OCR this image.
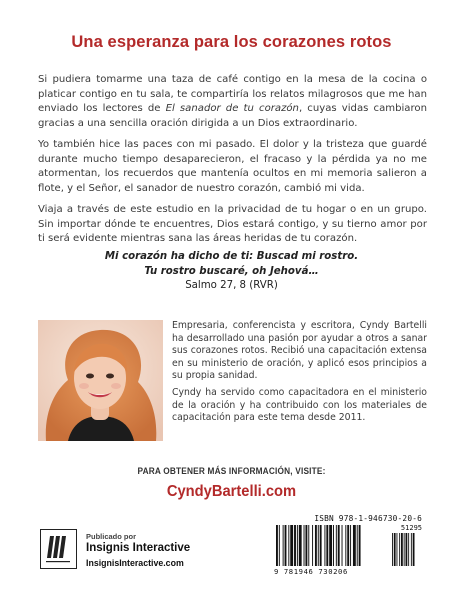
Una esperanza para los corazones rotos
Si pudiera tomarme una taza de café contigo en la mesa de la cocina o platicar contigo en tu sala, te compartiría los relatos milagrosos que me han enviado los lectores de El sanador de tu corazón, cuyas vidas cambiaron gracias a una sencilla oración dirigida a un Dios extraordinario.
Yo también hice las paces con mi pasado. El dolor y la tristeza que guardé durante mucho tiempo desaparecieron, el fracaso y la pérdida ya no me atormentan, los recuerdos que mantenía ocultos en mi memoria salieron a flote, y el Señor, el sanador de nuestro corazón, cambió mi vida.
Viaja a través de este estudio en la privacidad de tu hogar o en un grupo. Sin importar dónde te encuentres, Dios estará contigo, y su tierno amor por ti será evidente mientras sana las áreas heridas de tu corazón.
Mi corazón ha dicho de ti: Buscad mi rostro.
Tu rostro buscaré, oh Jehová…
Salmo 27, 8 (RVR)
Empresaria, conferencista y escritora, Cyndy Bartelli ha desarrollado una pasión por ayudar a otros a sanar sus corazones rotos. Recibió una capacitación extensa en su ministerio de oración, y aplicó esos principios a su propia sanidad.
Cyndy ha servido como capacitadora en el ministerio de la oración y ha contribuido con los materiales de capacitación para este tema desde 2011.
PARA OBTENER MÁS INFORMACIÓN, VISITE:
CyndyBartelli.com
Publicado por
Insignis Interactive
InsignisInteractive.com
ISBN 978-1-946730-20-6
51295
9 781946 730206
